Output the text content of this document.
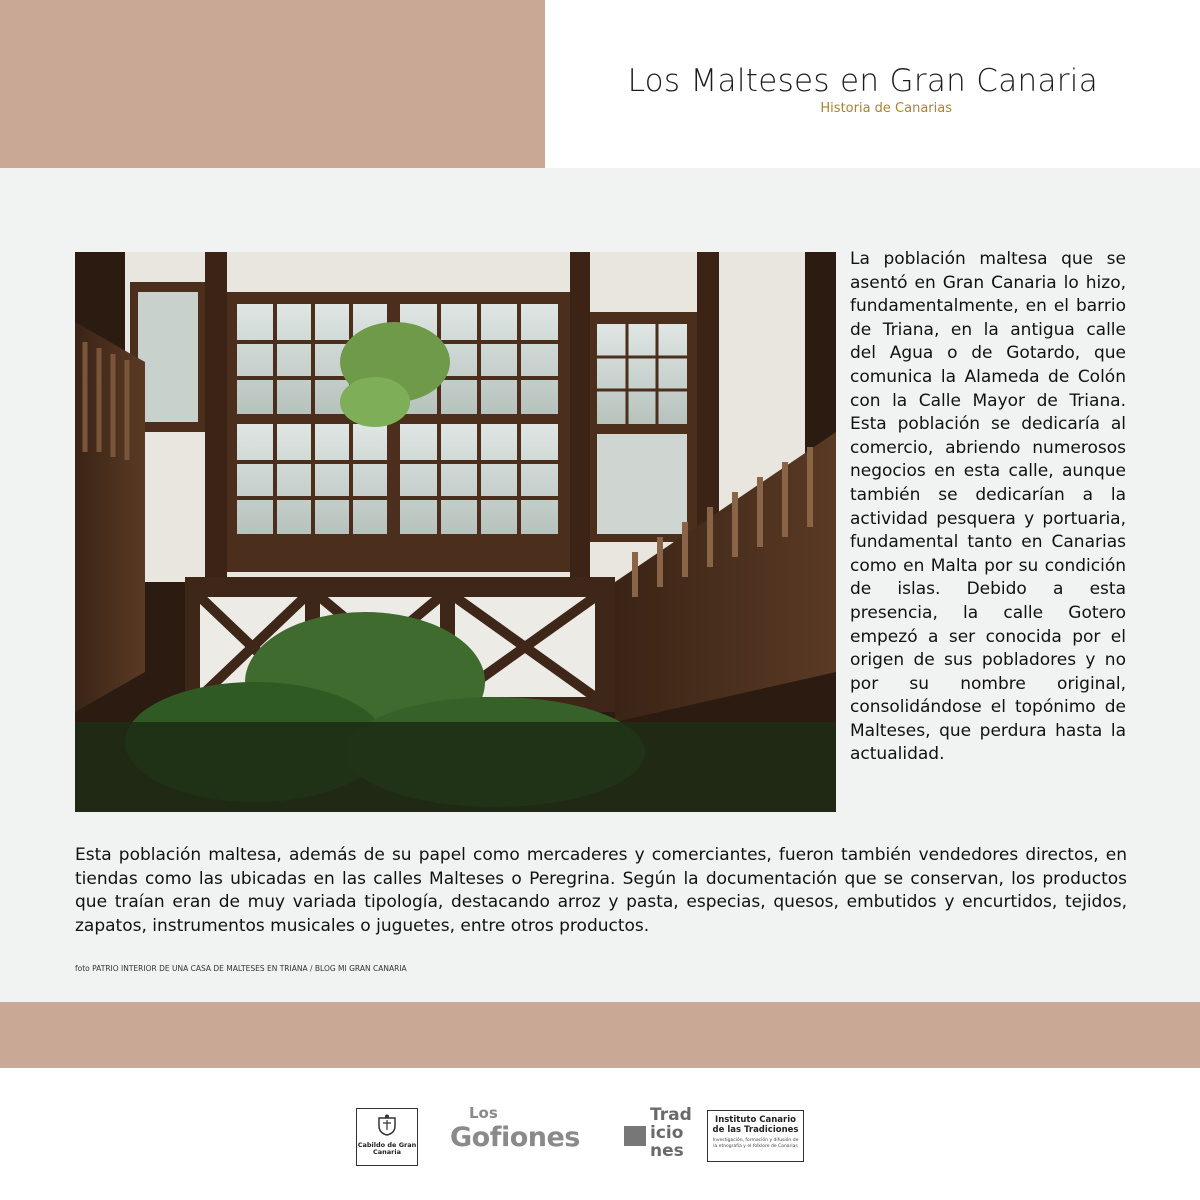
Los Malteses en Gran Canaria
Historia de Canarias
La población maltesa que se asentó en Gran Canaria lo hizo, fundamentalmente, en el barrio de Triana, en la antigua calle del Agua o de Gotardo, que comunica la Alameda de Colón con la Calle Mayor de Triana. Esta población se dedicaría al comercio, abriendo numerosos negocios en esta calle, aunque también se dedicarían a la actividad pesquera y portuaria, fundamental tanto en Canarias como en Malta por su condición de islas. Debido a esta presencia, la calle Gotero empezó a ser conocida por el origen de sus pobladores y no por su nombre original, consolidándose el topónimo de Malteses, que perdura hasta la actualidad.
Esta población maltesa, además de su papel como mercaderes y comerciantes, fueron también vendedores directos, en tiendas como las ubicadas en las calles Malteses o Peregrina. Según la documentación que se conservan, los productos que traían eran de muy variada tipología, destacando arroz y pasta, especias, quesos, embutidos y encurtidos, tejidos, zapatos, instrumentos musicales o juguetes, entre otros productos.
foto PATRIO INTERIOR DE UNA CASA DE MALTESES EN TRIANA / BLOG MI GRAN CANARIA
Cabildo de Gran Canaria
Los
Gofiones
Trad
icio
nes
Instituto Canario de las Tradiciones
Investigación, formación y difusión de la etnografía y el folklore de Canarias
